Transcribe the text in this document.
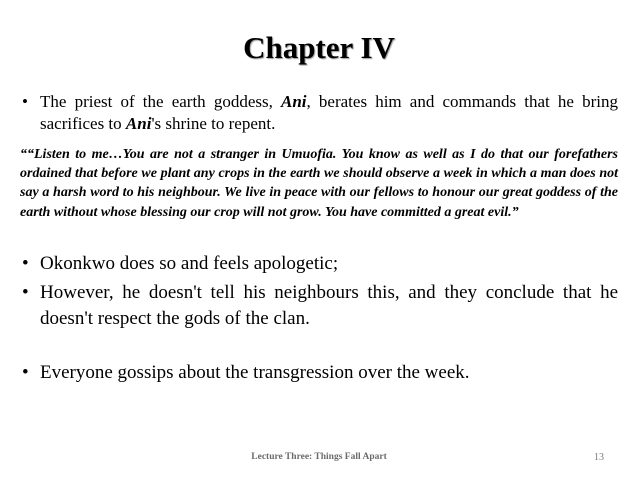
Chapter IV
• The priest of the earth goddess, Ani, berates him and commands that he bring sacrifices to Ani's shrine to repent.
““Listen to me…You are not a stranger in Umuofia. You know as well as I do that our forefathers ordained that before we plant any crops in the earth we should observe a week in which a man does not say a harsh word to his neighbour. We live in peace with our fellows to honour our great goddess of the earth without whose blessing our crop will not grow. You have committed a great evil.”
• Okonkwo does so and feels apologetic;
• However, he doesn't tell his neighbours this, and they conclude that he doesn't respect the gods of the clan.
• Everyone gossips about the transgression over the week.
Lecture Three: Things Fall Apart	13
